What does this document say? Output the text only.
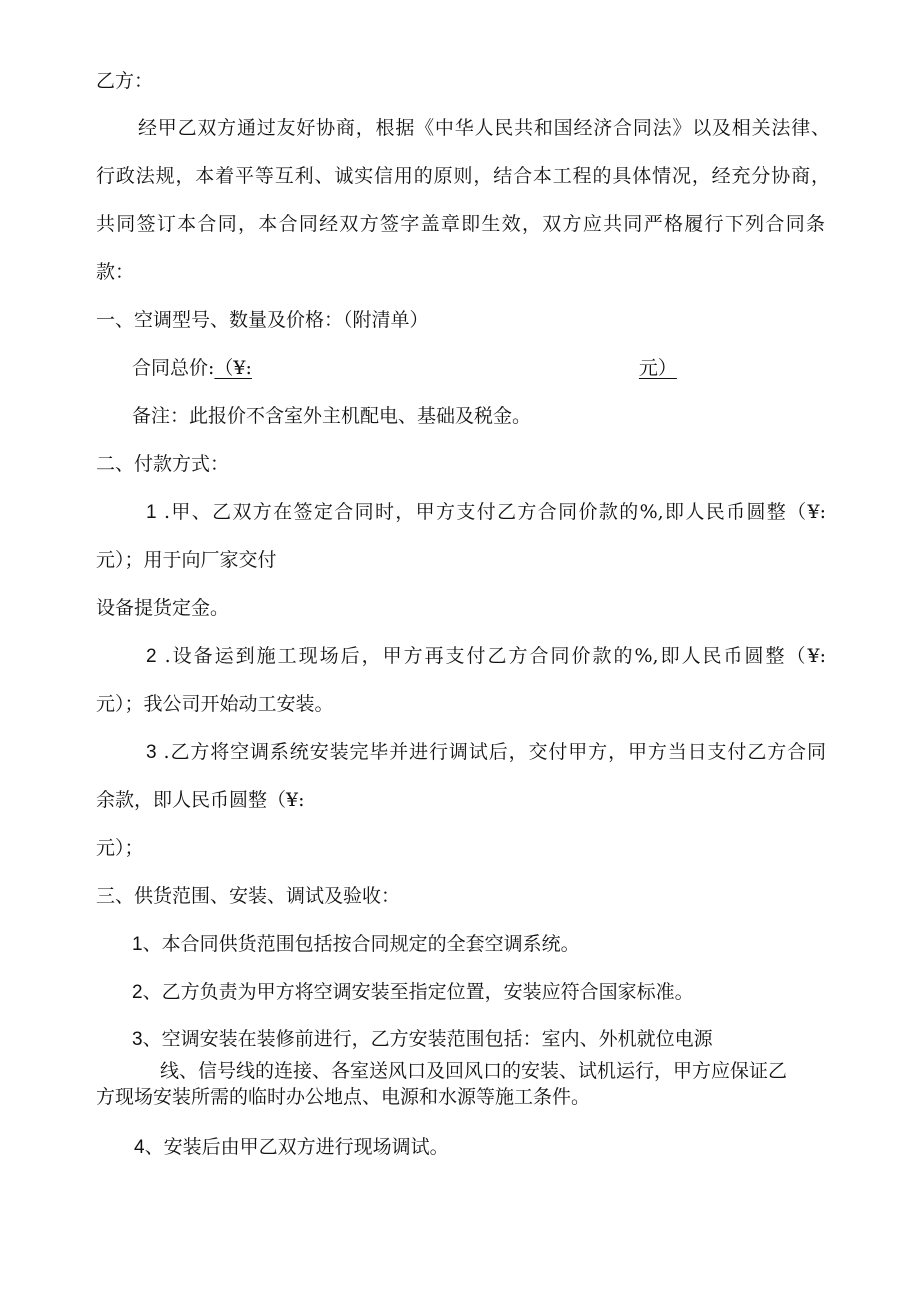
乙方：

经甲乙双方通过友好协商，根据《中华人民共和国经济合同法》以及相关法律、

行政法规，本着平等互利、诚实信用的原则，结合本工程的具体情况，经充分协商，

共同签订本合同，本合同经双方签字盖章即生效，双方应共同严格履行下列合同条

款：

一、空调型号、数量及价格：（附清单）

合同总价:（¥:	元）

备注：此报价不含室外主机配电、基础及税金。

二、付款方式：

1 .甲、乙双方在签定合同时，甲方支付乙方合同价款的%,即人民币圆整（¥:

元）；用于向厂家交付

设备提货定金。

2 .设备运到施工现场后，甲方再支付乙方合同价款的%,即人民币圆整（¥:

元）；我公司开始动工安装。

3 .乙方将空调系统安装完毕并进行调试后，交付甲方，甲方当日支付乙方合同

余款，即人民币圆整（¥:

元）；

三、供货范围、安装、调试及验收：

1、本合同供货范围包括按合同规定的全套空调系统。

2、乙方负责为甲方将空调安装至指定位置，安装应符合国家标准。

3、空调安装在装修前进行，乙方安装范围包括：室内、外机就位电源

线、信号线的连接、各室送风口及回风口的安装、试机运行，甲方应保证乙

方现场安装所需的临时办公地点、电源和水源等施工条件。

4、安装后由甲乙双方进行现场调试。
